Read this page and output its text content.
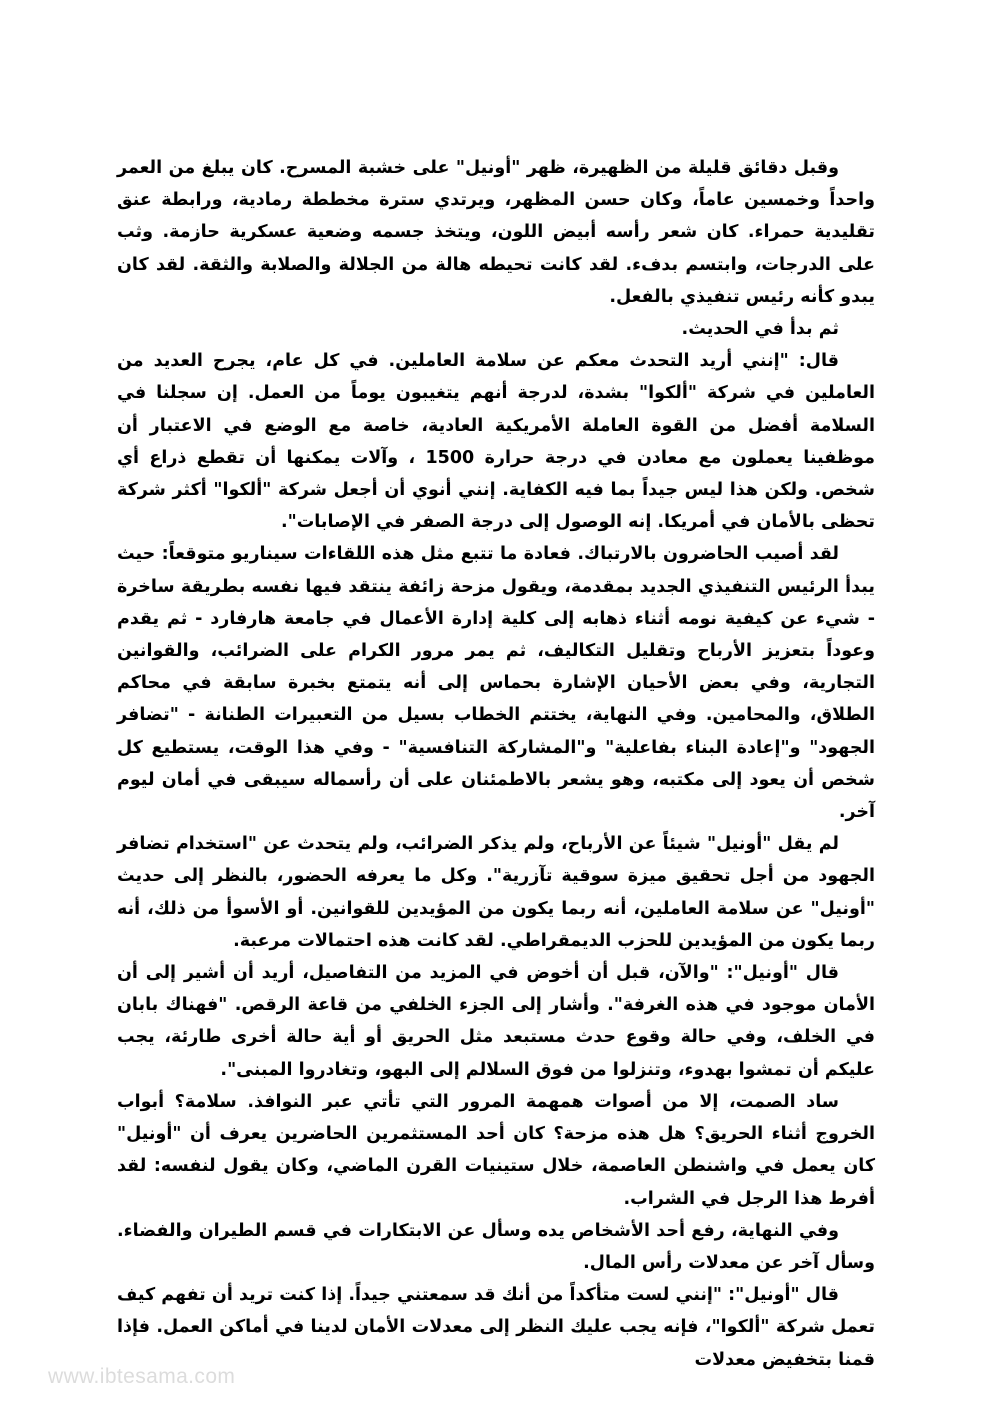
وقبل دقائق قليلة من الظهيرة، ظهر "أونيل" على خشبة المسرح. كان يبلغ من العمر واحداً وخمسين عاماً، وكان حسن المظهر، ويرتدي سترة مخططة رمادية، ورابطة عنق تقليدية حمراء. كان شعر رأسه أبيض اللون، ويتخذ جسمه وضعية عسكرية حازمة. وثب على الدرجات، وابتسم بدفء. لقد كانت تحيطه هالة من الجلالة والصلابة والثقة. لقد كان يبدو كأنه رئيس تنفيذي بالفعل.

ثم بدأ في الحديث.

قال: "إنني أريد التحدث معكم عن سلامة العاملين. في كل عام، يجرح العديد من العاملين في شركة "ألكوا" بشدة، لدرجة أنهم يتغيبون يوماً من العمل. إن سجلنا في السلامة أفضل من القوة العاملة الأمريكية العادية، خاصة مع الوضع في الاعتبار أن موظفينا يعملون مع معادن في درجة حرارة 1500 ، وآلات يمكنها أن تقطع ذراع أي شخص. ولكن هذا ليس جيداً بما فيه الكفاية. إنني أنوي أن أجعل شركة "ألكوا" أكثر شركة تحظى بالأمان في أمريكا. إنه الوصول إلى درجة الصفر في الإصابات".

لقد أصيب الحاضرون بالارتباك. فعادة ما تتبع مثل هذه اللقاءات سيناريو متوقعاً: حيث يبدأ الرئيس التنفيذي الجديد بمقدمة، ويقول مزحة زائفة ينتقد فيها نفسه بطريقة ساخرة - شيء عن كيفية نومه أثناء ذهابه إلى كلية إدارة الأعمال في جامعة هارفارد - ثم يقدم وعوداً بتعزيز الأرباح وتقليل التكاليف، ثم يمر مرور الكرام على الضرائب، والقوانين التجارية، وفي بعض الأحيان الإشارة بحماس إلى أنه يتمتع بخبرة سابقة في محاكم الطلاق، والمحامين. وفي النهاية، يختتم الخطاب بسيل من التعبيرات الطنانة - "تضافر الجهود" و"إعادة البناء بفاعلية" و"المشاركة التنافسية" - وفي هذا الوقت، يستطيع كل شخص أن يعود إلى مكتبه، وهو يشعر بالاطمئنان على أن رأسماله سيبقى في أمان ليوم آخر.

لم يقل "أونيل" شيئاً عن الأرباح، ولم يذكر الضرائب، ولم يتحدث عن "استخدام تضافر الجهود من أجل تحقيق ميزة سوقية تآزرية". وكل ما يعرفه الحضور، بالنظر إلى حديث "أونيل" عن سلامة العاملين، أنه ربما يكون من المؤيدين للقوانين. أو الأسوأ من ذلك، أنه ربما يكون من المؤيدين للحزب الديمقراطي. لقد كانت هذه احتمالات مرعبة.

قال "أونيل": "والآن، قبل أن أخوض في المزيد من التفاصيل، أريد أن أشير إلى أن الأمان موجود في هذه الغرفة". وأشار إلى الجزء الخلفي من قاعة الرقص. "فهناك بابان في الخلف، وفي حالة وقوع حدث مستبعد مثل الحريق أو أية حالة أخرى طارئة، يجب عليكم أن تمشوا بهدوء، وتنزلوا من فوق السلالم إلى البهو، وتغادروا المبنى".

ساد الصمت، إلا من أصوات همهمة المرور التي تأتي عبر النوافذ. سلامة؟ أبواب الخروج أثناء الحريق؟ هل هذه مزحة؟ كان أحد المستثمرين الحاضرين يعرف أن "أونيل" كان يعمل في واشنطن العاصمة، خلال ستينيات القرن الماضي، وكان يقول لنفسه: لقد أفرط هذا الرجل في الشراب.

وفي النهاية، رفع أحد الأشخاص يده وسأل عن الابتكارات في قسم الطيران والفضاء. وسأل آخر عن معدلات رأس المال.

قال "أونيل": "إنني لست متأكداً من أنك قد سمعتني جيداً. إذا كنت تريد أن تفهم كيف تعمل شركة "ألكوا"، فإنه يجب عليك النظر إلى معدلات الأمان لدينا في أماكن العمل. فإذا قمنا بتخفيض معدلات

www.ibtesama.com
